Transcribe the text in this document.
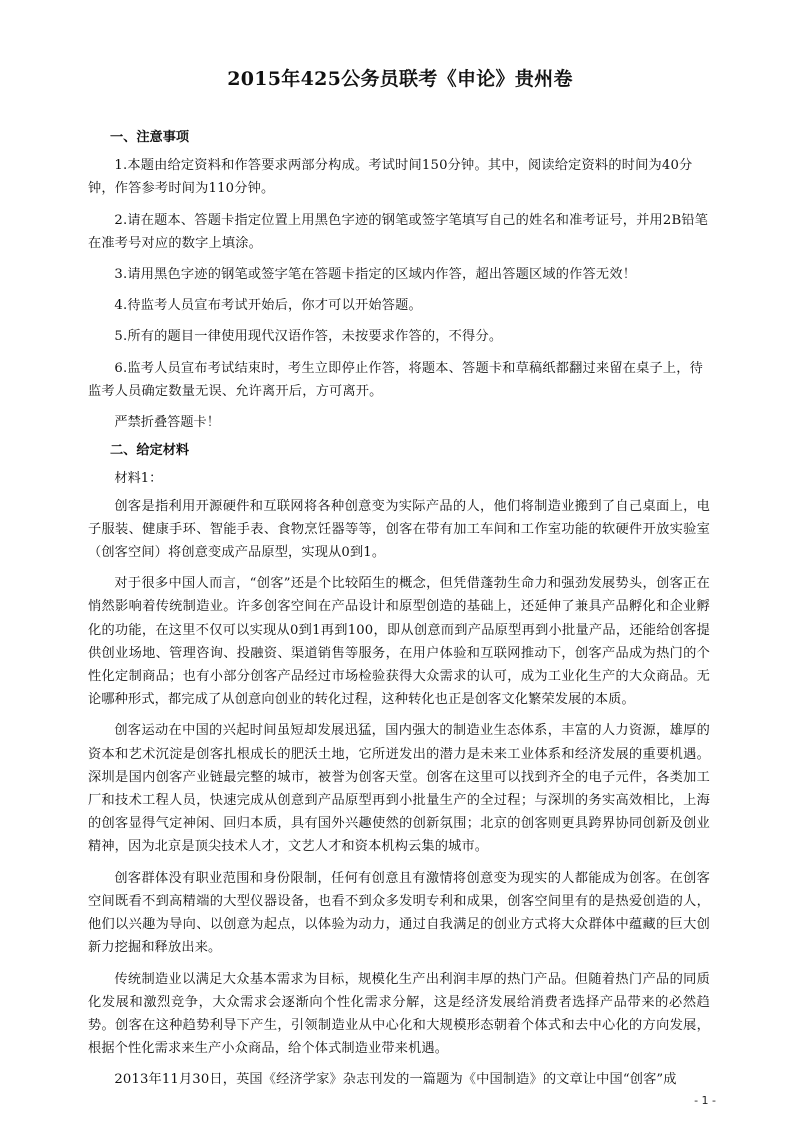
2015年425公务员联考《申论》贵州卷
一、注意事项

1.本题由给定资料和作答要求两部分构成。考试时间150分钟。其中，阅读给定资料的时间为40分钟，作答参考时间为110分钟。

2.请在题本、答题卡指定位置上用黑色字迹的钢笔或签字笔填写自己的姓名和准考证号，并用2B铅笔在准考号对应的数字上填涂。

3.请用黑色字迹的钢笔或签字笔在答题卡指定的区域内作答，超出答题区域的作答无效！

4.待监考人员宣布考试开始后，你才可以开始答题。

5.所有的题目一律使用现代汉语作答，未按要求作答的，不得分。

6.监考人员宣布考试结束时，考生立即停止作答，将题本、答题卡和草稿纸都翻过来留在桌子上，待监考人员确定数量无误、允许离开后，方可离开。

严禁折叠答题卡！
二、给定材料
材料1：

创客是指利用开源硬件和互联网将各种创意变为实际产品的人，他们将制造业搬到了自己桌面上，电子服装、健康手环、智能手表、食物烹饪器等等，创客在带有加工车间和工作室功能的软硬件开放实验室（创客空间）将创意变成产品原型，实现从0到1。

对于很多中国人而言，“创客”还是个比较陌生的概念，但凭借蓬勃生命力和强劲发展势头，创客正在悄然影响着传统制造业。许多创客空间在产品设计和原型创造的基础上，还延伸了兼具产品孵化和企业孵化的功能，在这里不仅可以实现从0到1再到100，即从创意而到产品原型再到小批量产品，还能给创客提供创业场地、管理咨询、投融资、渠道销售等服务，在用户体验和互联网推动下，创客产品成为热门的个性化定制商品；也有小部分创客产品经过市场检验获得大众需求的认可，成为工业化生产的大众商品。无论哪种形式，都完成了从创意向创业的转化过程，这种转化也正是创客文化繁荣发展的本质。

创客运动在中国的兴起时间虽短却发展迅猛，国内强大的制造业生态体系，丰富的人力资源，雄厚的资本和艺术沉淀是创客扎根成长的肥沃土地，它所迸发出的潜力是未来工业体系和经济发展的重要机遇。深圳是国内创客产业链最完整的城市，被誉为创客天堂。创客在这里可以找到齐全的电子元件，各类加工厂和技术工程人员，快速完成从创意到产品原型再到小批量生产的全过程；与深圳的务实高效相比，上海的创客显得气定神闲、回归本质，具有国外兴趣使然的创新氛围；北京的创客则更具跨界协同创新及创业精神，因为北京是顶尖技术人才，文艺人才和资本机构云集的城市。

创客群体没有职业范围和身份限制，任何有创意且有激情将创意变为现实的人都能成为创客。在创客空间既看不到高精端的大型仪器设备，也看不到众多发明专利和成果，创客空间里有的是热爱创造的人，他们以兴趣为导向、以创意为起点，以体验为动力，通过自我满足的创业方式将大众群体中蕴藏的巨大创新力挖掘和释放出来。

传统制造业以满足大众基本需求为目标，规模化生产出利润丰厚的热门产品。但随着热门产品的同质化发展和激烈竞争，大众需求会逐渐向个性化需求分解，这是经济发展给消费者选择产品带来的必然趋势。创客在这种趋势利导下产生，引领制造业从中心化和大规模形态朝着个体式和去中心化的方向发展，根据个性化需求来生产小众商品，给个体式制造业带来机遇。

2013年11月30日，英国《经济学家》杂志刊发的一篇题为《中国制造》的文章让中国“创客”成

- 1 -
